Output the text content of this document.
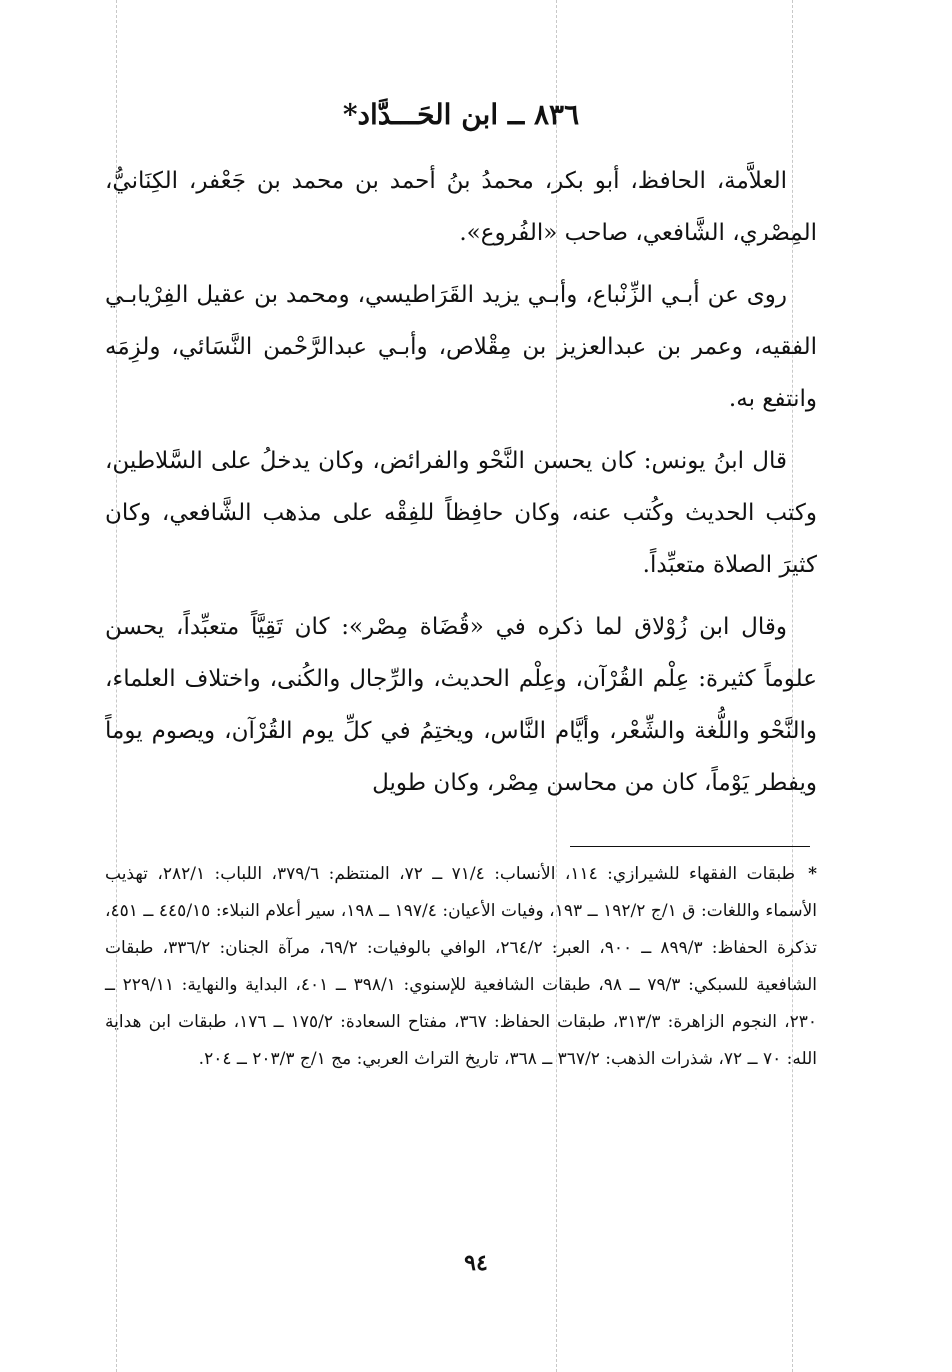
٨٣٦ ــ ابن الحَـــدَّاد*

العلاَّمة، الحافظ، أبو بكر، محمدُ بنُ أحمد بن محمد بن جَعْفر، الكِنَانيُّ، المِصْري، الشَّافعي، صاحب «الفُروع».

روى عن أبـي الزِّنْباع، وأبـي يزيد القَرَاطيسي، ومحمد بن عقيل الفِرْيابـي الفقيه، وعمر بن عبدالعزيز بن مِقْلاص، وأبـي عبدالرَّحْمن النَّسَائي، ولزِمَه وانتفع به.

قال ابنُ يونس: كان يحسن النَّحْو والفرائض، وكان يدخلُ على السَّلاطين، وكتب الحديث وكُتب عنه، وكان حافِظاً للفِقْه على مذهب الشَّافعي، وكان كثيرَ الصلاة متعبِّداً.

وقال ابن زُوْلاق لما ذكره في «قُضَاة مِصْر»: كان تَقِيَّاً متعبِّداً، يحسن علوماً كثيرة: عِلْم القُرْآن، وعِلْم الحديث، والرِّجال والكُنى، واختلاف العلماء، والنَّحْو واللُّغة والشِّعْر، وأيَّام النَّاس، ويختِمُ في كلِّ يوم القُرْآن، ويصوم يوماً ويفطر يَوْماً، كان من محاسن مِصْر، وكان طويل

*طبقات الفقهاء للشيرازي: ١١٤، الأنساب: ٧١/٤ ــ ٧٢، المنتظم: ٣٧٩/٦، اللباب: ٢٨٢/١، تهذيب الأسماء واللغات: ق ١/ج ١٩٢/٢ ــ ١٩٣، وفيات الأعيان: ١٩٧/٤ ــ ١٩٨، سير أعلام النبلاء: ٤٤٥/١٥ ــ ٤٥١، تذكرة الحفاظ: ٨٩٩/٣ ــ ٩٠٠، العبر: ٢٦٤/٢، الوافي بالوفيات: ٦٩/٢، مرآة الجنان: ٣٣٦/٢، طبقات الشافعية للسبكي: ٧٩/٣ ــ ٩٨، طبقات الشافعية للإسنوي: ٣٩٨/١ ــ ٤٠١، البداية والنهاية: ٢٢٩/١١ ــ ٢٣٠، النجوم الزاهرة: ٣١٣/٣، طبقات الحفاظ: ٣٦٧، مفتاح السعادة: ١٧٥/٢ ــ ١٧٦، طبقات ابن هداية الله: ٧٠ ــ ٧٢، شذرات الذهب: ٣٦٧/٢ ــ ٣٦٨، تاريخ التراث العربي: مج ١/ج ٢٠٣/٣ ــ ٢٠٤.
٩٤
